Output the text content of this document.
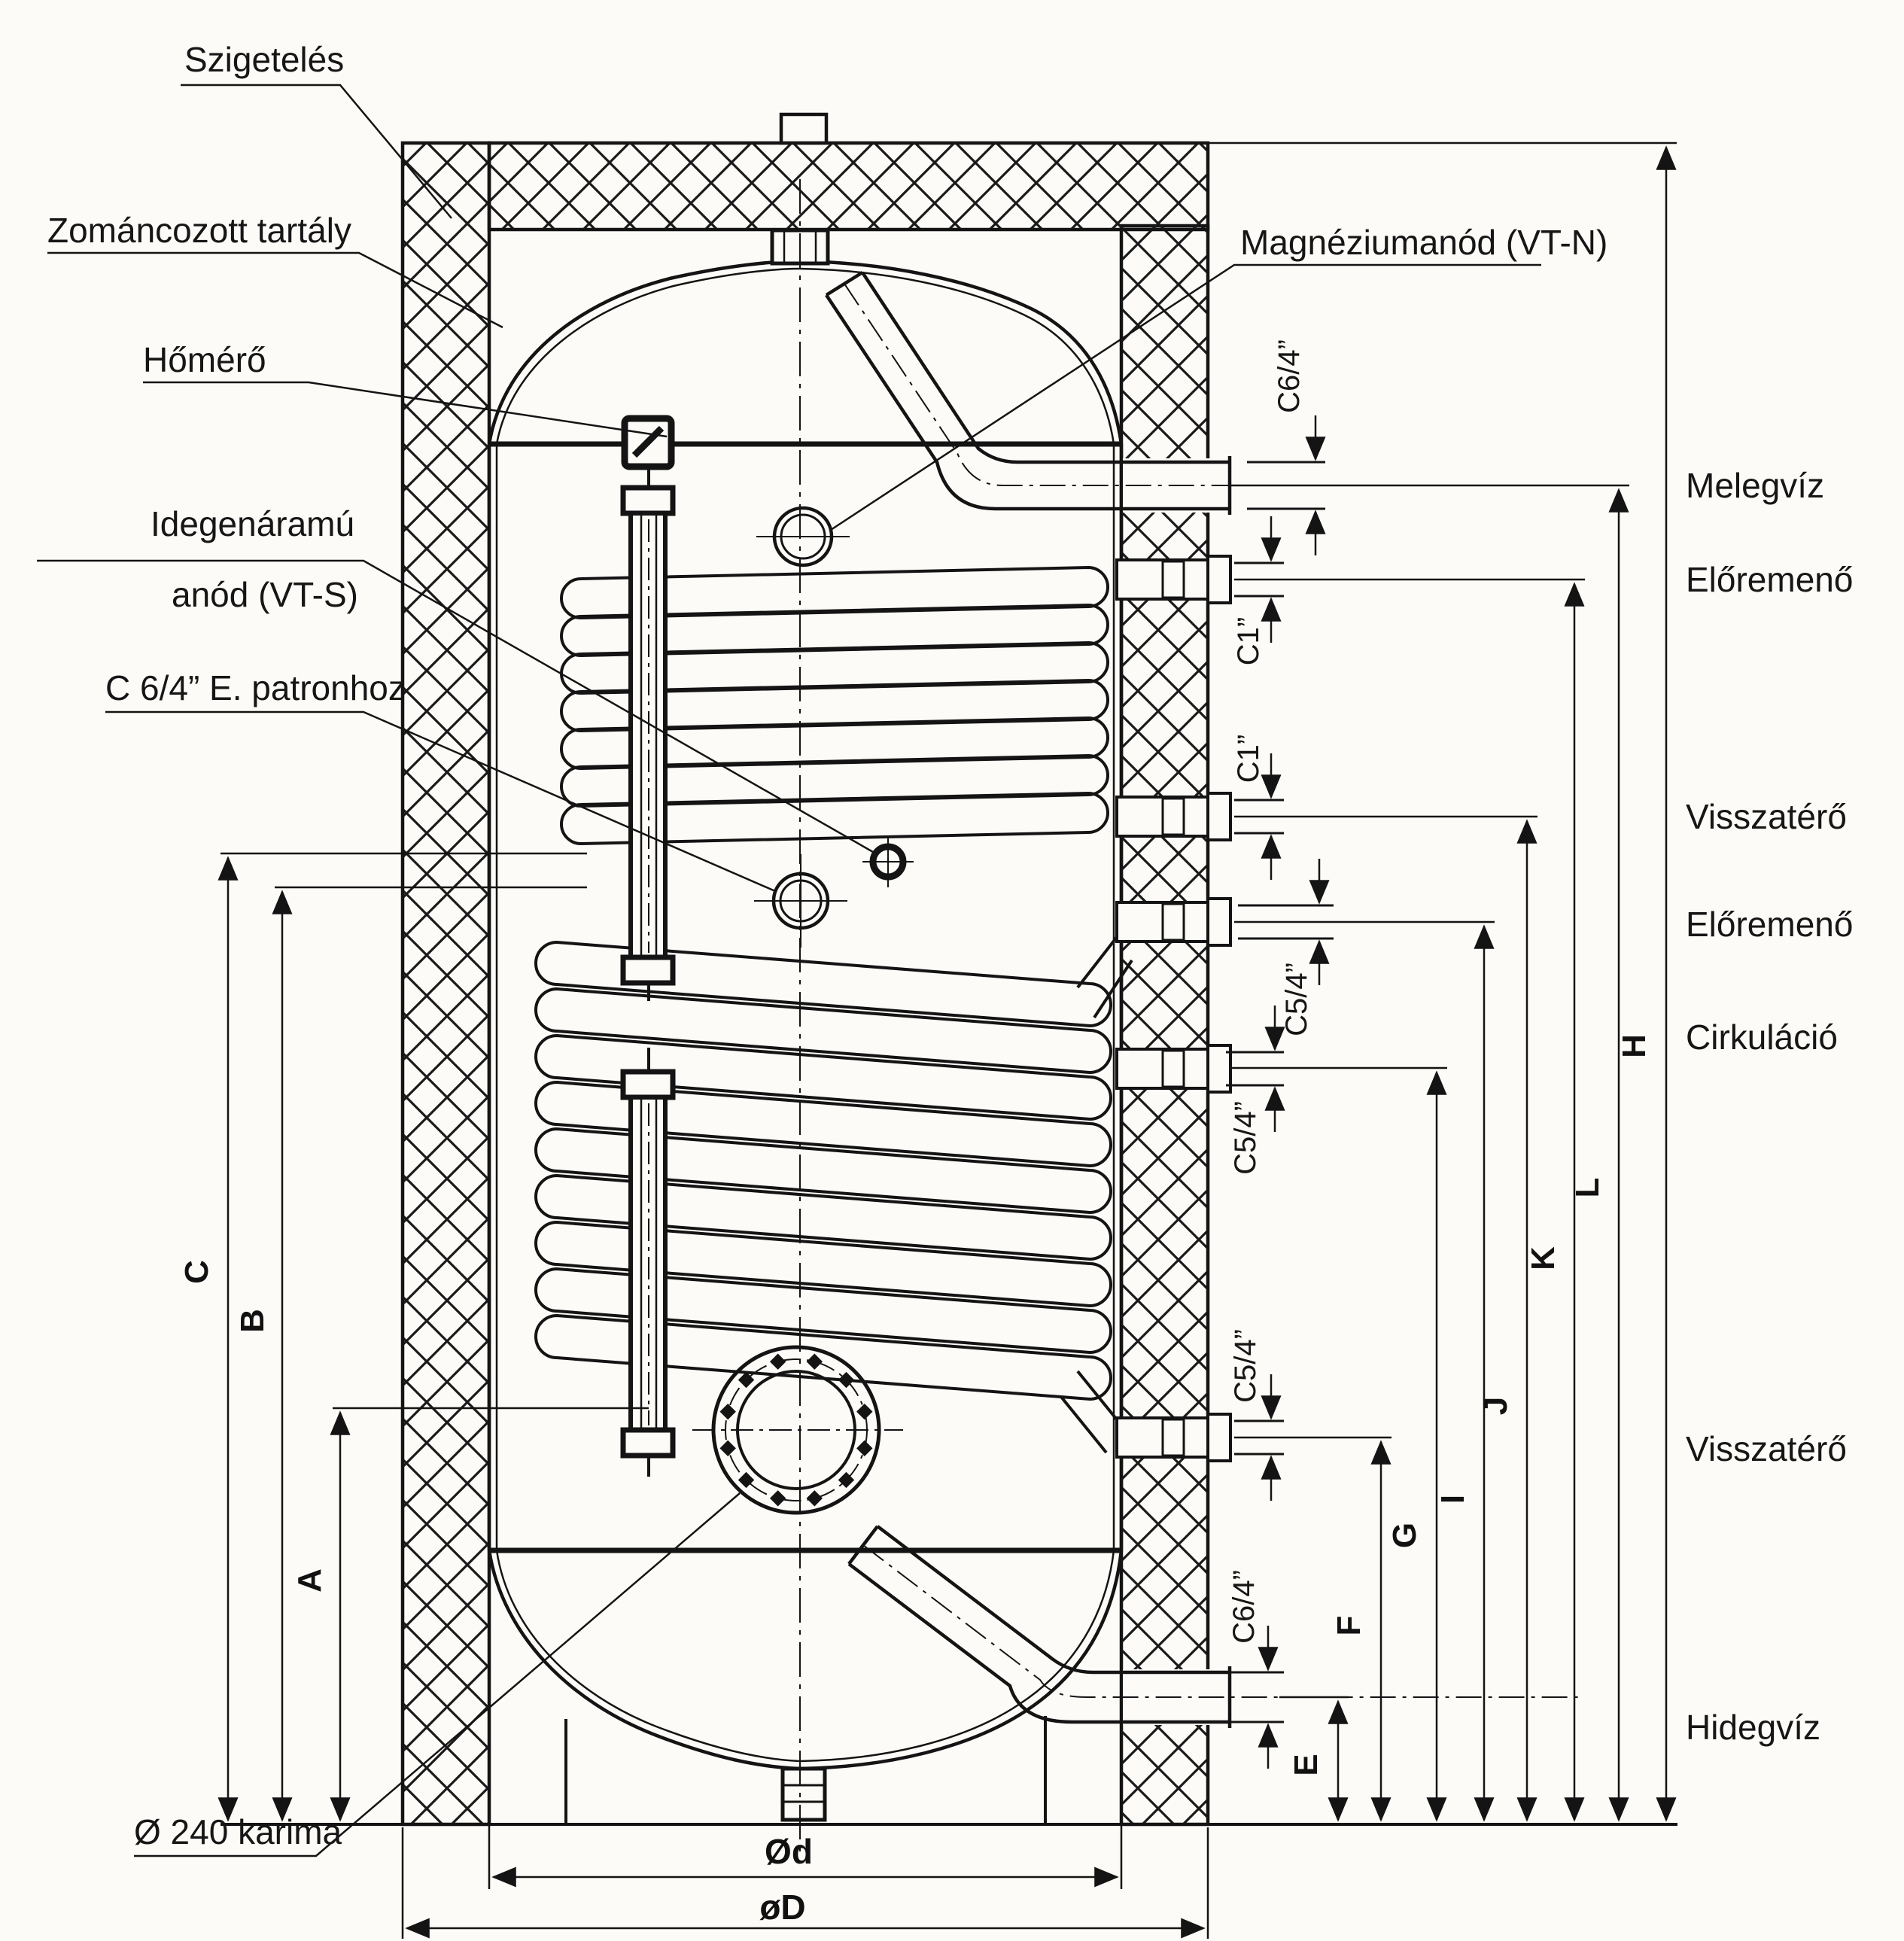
Szigetelés
Zománcozott tartály
Hőmérő
Idegenáramú
anód (VT-S)
C 6/4” E. patronhoz
Ø 240 karima
Magnéziumanód (VT-N)
Melegvíz
Előremenő
Visszatérő
Előremenő
Cirkuláció
Visszatérő
Hidegvíz
C6/4”
C1”
C1”
C5/4”
C5/4”
C5/4”
C6/4”
A
B
C
E
F
G
I
J
K
L
H
Ød
øD
